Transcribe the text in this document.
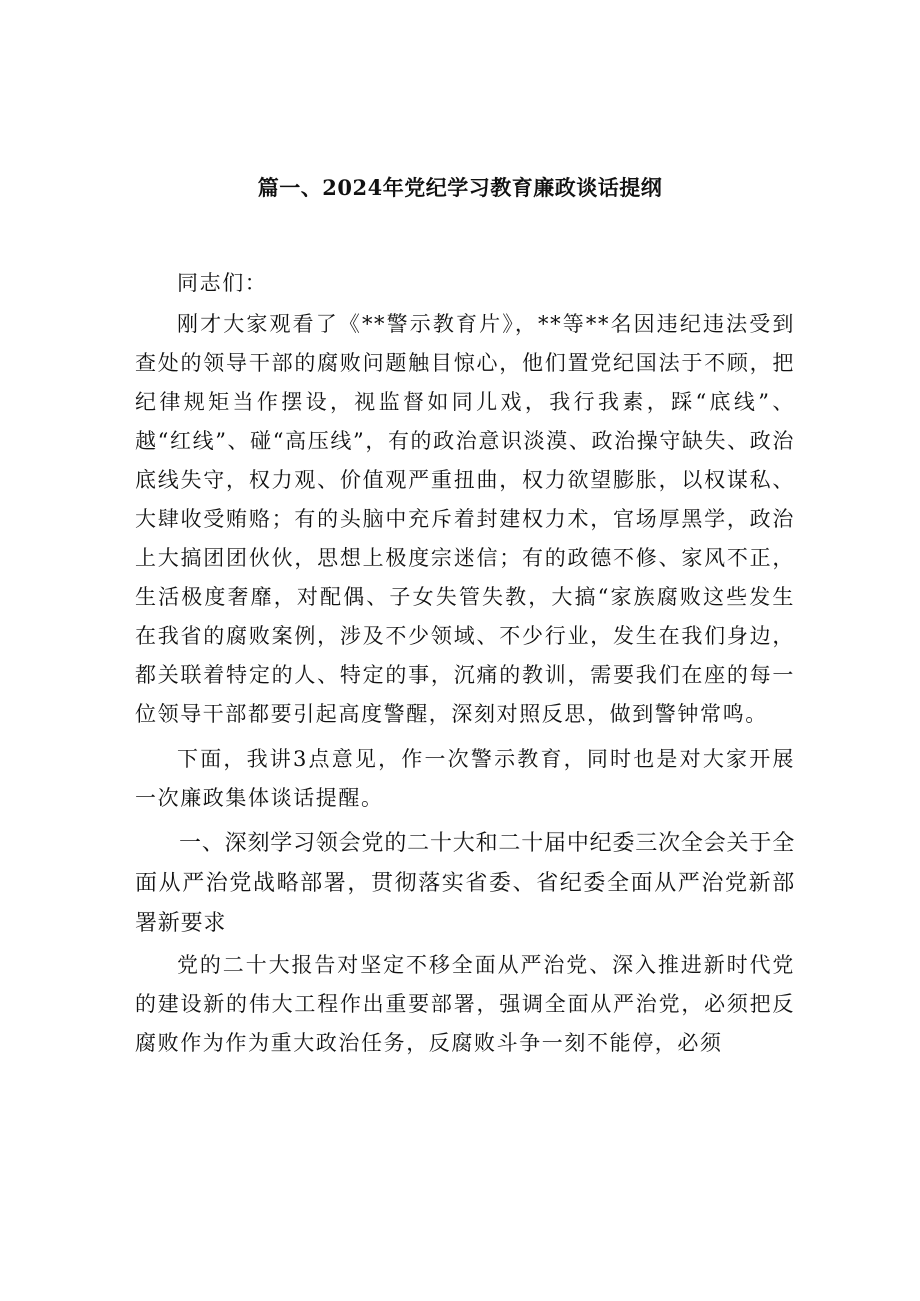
篇一、2024年党纪学习教育廉政谈话提纲

同志们：

刚才大家观看了《**警示教育片》，**等**名因违纪违法受到查处的领导干部的腐败问题触目惊心，他们置党纪国法于不顾，把纪律规矩当作摆设，视监督如同儿戏，我行我素，踩“底线”、越“红线”、碰“高压线”，有的政治意识淡漠、政治操守缺失、政治底线失守，权力观、价值观严重扭曲，权力欲望膨胀，以权谋私、大肆收受贿赂；有的头脑中充斥着封建权力术，官场厚黑学，政治上大搞团团伙伙，思想上极度宗迷信；有的政德不修、家风不正，生活极度奢靡，对配偶、子女失管失教，大搞“家族腐败这些发生在我省的腐败案例，涉及不少领域、不少行业，发生在我们身边，都关联着特定的人、特定的事，沉痛的教训，需要我们在座的每一位领导干部都要引起高度警醒，深刻对照反思，做到警钟常鸣。

下面，我讲3点意见，作一次警示教育，同时也是对大家开展一次廉政集体谈话提醒。

一、深刻学习领会党的二十大和二十届中纪委三次全会关于全面从严治党战略部署，贯彻落实省委、省纪委全面从严治党新部署新要求

党的二十大报告对坚定不移全面从严治党、深入推进新时代党的建设新的伟大工程作出重要部署，强调全面从严治党，必须把反腐败作为作为重大政治任务，反腐败斗争一刻不能停，必须
